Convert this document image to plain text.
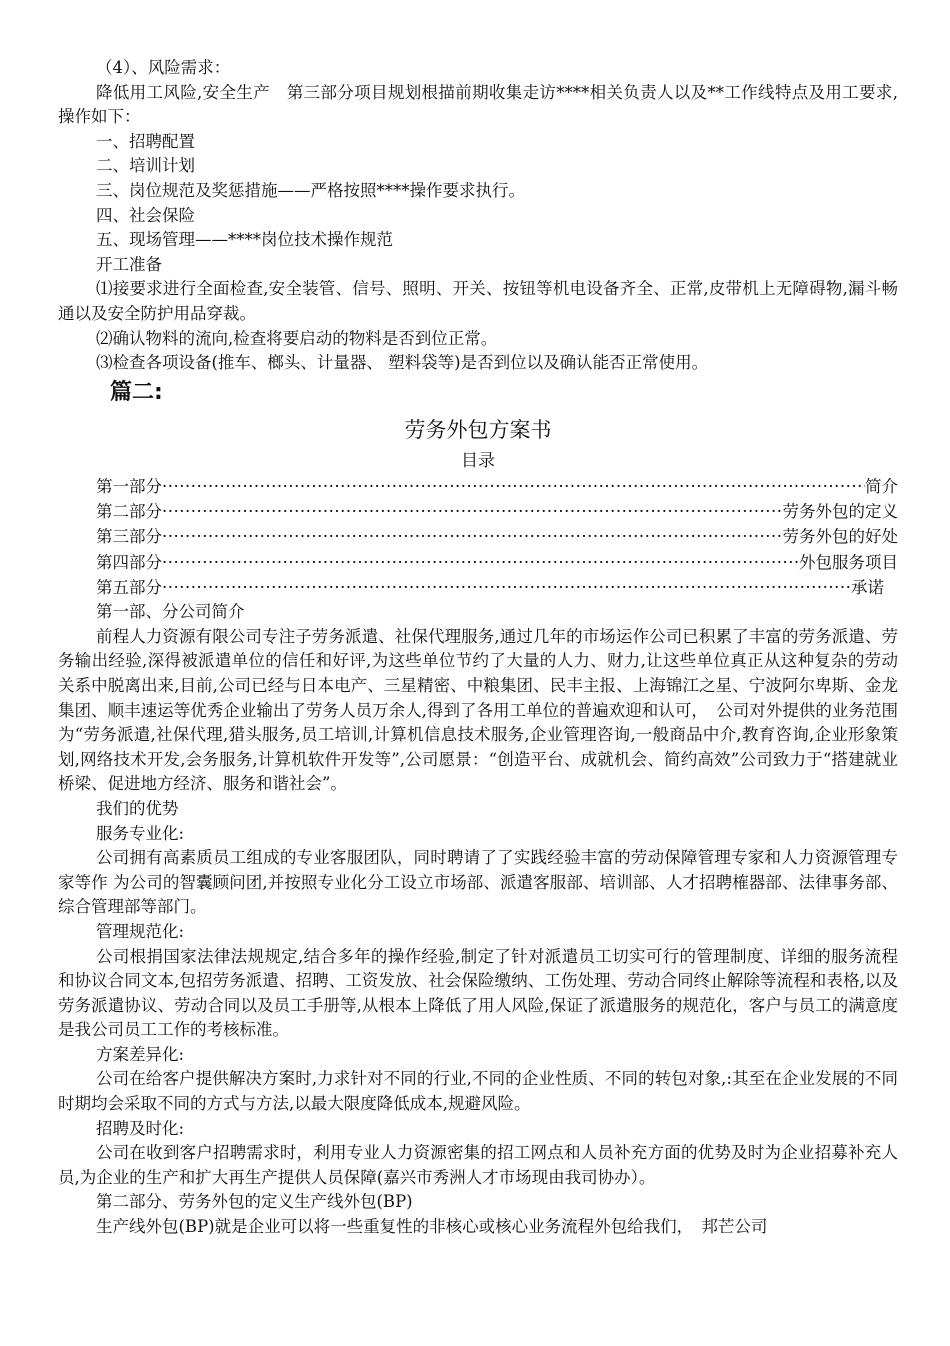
（4）、风险需求：

降低用工风险,安全生产　第三部分项目规划根描前期收集走访****相关负责人以及**工作线特点及用工要求,操作如下：

一、招聘配置

二、培训计划

三、岗位规范及奖惩措施——严格按照****操作要求执行。

四、社会保险

五、现场管理——****岗位技术操作规范

开工准备

⑴接要求进行全面检查,安全装管、信号、照明、开关、按钮等机电设备齐全、正常,皮带机上无障碍物,漏斗畅通以及安全防护用品穿裁。

⑵确认物料的流向,检查将要启动的物料是否到位正常。

⑶检查各项设备(推车、榔头、计量器、 塑料袋等)是否到位以及确认能否正常使用。

篇二:
劳务外包方案书
目录
第一部分 ·····	简介
第二部分 ·····	劳务外包的定义
第三部分 ·····	劳务外包的好处
第四部分 ·····	外包服务项目
第五部分 ·····	承诺

第一部、分公司简介

前程人力资源有限公司专注子劳务派遣、社保代理服务,通过几年的市场运作公司已积累了丰富的劳务派遣、劳务输出经验,深得被派遣单位的信任和好评,为这些单位节约了大量的人力、财力,让这些单位真正从这种复杂的劳动关系中脱离出来,目前,公司已经与日本电产、三星精密、中粮集团、民丰主报、上海锦江之星、宁波阿尔卑斯、金龙集团、顺丰速运等优秀企业输出了劳务人员万余人,得到了各用工单位的普遍欢迎和认可，　公司对外提供的业务范围为“劳务派遣,社保代理,猎头服务,员工培训,计算机信息技术服务,企业管理咨询,一般商品中介,教育咨询,企业形象策划,网络技术开发,会务服务,计算机软件开发等”,公司愿景：“创造平台、成就机会、简约高效”公司致力于“搭建就业桥梁、促进地方经济、服务和谐社会”。

我们的优势

服务专业化:

公司拥有高素质员工组成的专业客服团队，同时聘请了了实践经验丰富的劳动保障管理专家和人力资源管理专家等作 为公司的智囊顾问团,并按照专业化分工设立市场部、派遣客服部、培训部、人才招聘榷器部、法律事务部、综合管理部等部门。

管理规范化:

公司根捐国家法律法规规定,结合多年的操作经验,制定了针对派遣员工切实可行的管理制度、详细的服务流程和协议合同文本,包招劳务派遣、招聘、工资发放、社会保险缴纳、工伤处理、劳动合同终止解除等流程和表格,以及劳务派遣协议、劳动合同以及员工手册等,从根本上降低了用人风险,保证了派遣服务的规范化，客户与员工的满意度是我公司员工工作的考核标准。

方案差异化:

公司在给客户提供解决方案时,力求针对不同的行业,不同的企业性质、不同的转包对象,:其至在企业发展的不同时期均会采取不同的方式与方法,以最大限度降低成本,规避风险。

招聘及时化:

公司在收到客户招聘需求时，利用专业人力资源密集的招工网点和人员补充方面的优势及时为企业招募补充人员,为企业的生产和扩大再生产提供人员保障(嘉兴市秀洲人才市场现由我司协办）。

第二部分、劳务外包的定义生产线外包(BP)

生产线外包(BP)就是企业可以将一些重复性的非核心或核心业务流程外包给我们，　邦芒公司
